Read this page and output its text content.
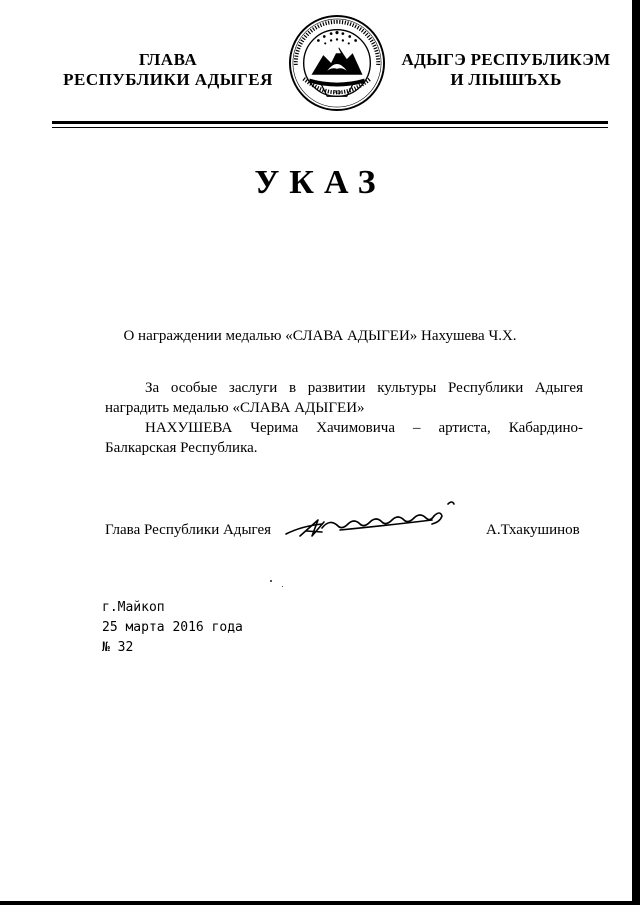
ГЛАВА
РЕСПУБЛИКИ АДЫГЕЯ
РФ
АДЫГЭ РЕСПУБЛИКЭМ
И ЛІЫШЪХЬ
УКАЗ
О награждении медалью «СЛАВА АДЫГЕИ» Нахушева Ч.Х.

За особые заслуги в развитии культуры Республики Адыгея

наградить медалью «СЛАВА АДЫГЕИ»

НАХУШЕВА Черима Хачимовича – артиста, Кабардино-

Балкарская Республика.

Глава Республики Адыгея	А.Тхакушинов
г.Майкоп
25 марта 2016 года
№ 32
